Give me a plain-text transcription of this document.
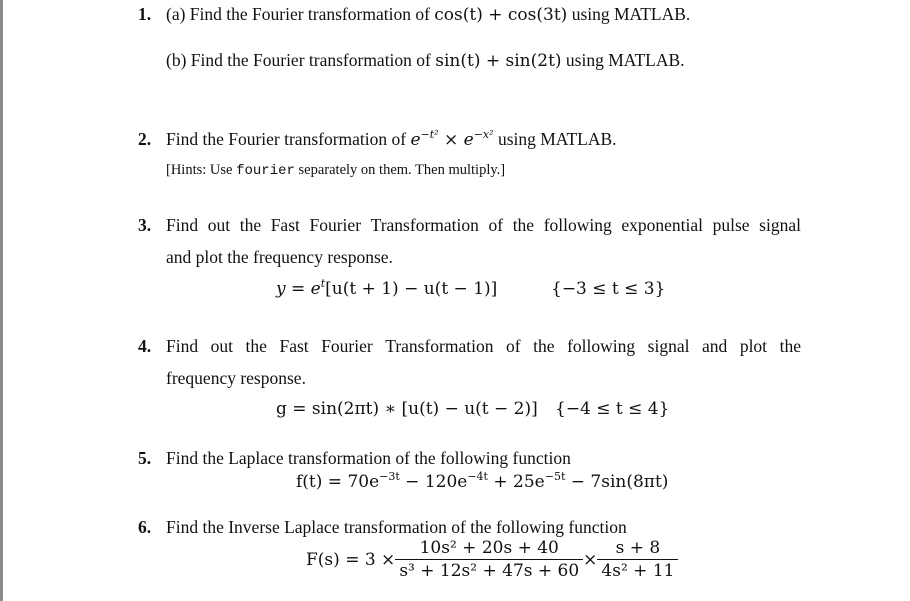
1. (a) Find the Fourier transformation of cos(t) + cos(3t) using MATLAB.
(b) Find the Fourier transformation of sin(t) + sin(2t) using MATLAB.
2. Find the Fourier transformation of $e^{-t^2} \times e^{-x^2}$ using MATLAB.
[Hints: Use fourier separately on them. Then multiply.]
3. Find out the Fast Fourier Transformation of the following exponential pulse signal
and plot the frequency response.
$y = e^t[u(t + 1) - u(t - 1)]$	{−3 ≤ t ≤ 3}
4. Find out the Fast Fourier Transformation of the following signal and plot the
frequency response.
g = sin(2πt) ∗ [u(t) − u(t − 2)] {−4 ≤ t ≤ 4}
5. Find the Laplace transformation of the following function
$f(t) = 70e^{-3t} - 120e^{-4t} + 25e^{-5t} - 7\sin(8\pi t)$
6. Find the Inverse Laplace transformation of the following function
$F(s) = 3 \times \frac{\text{10s² + 20s + 40}}{\text{s³ + 12s² + 47s + 60}} \times \frac{s + 8}{\text{4s² + 11}}$
